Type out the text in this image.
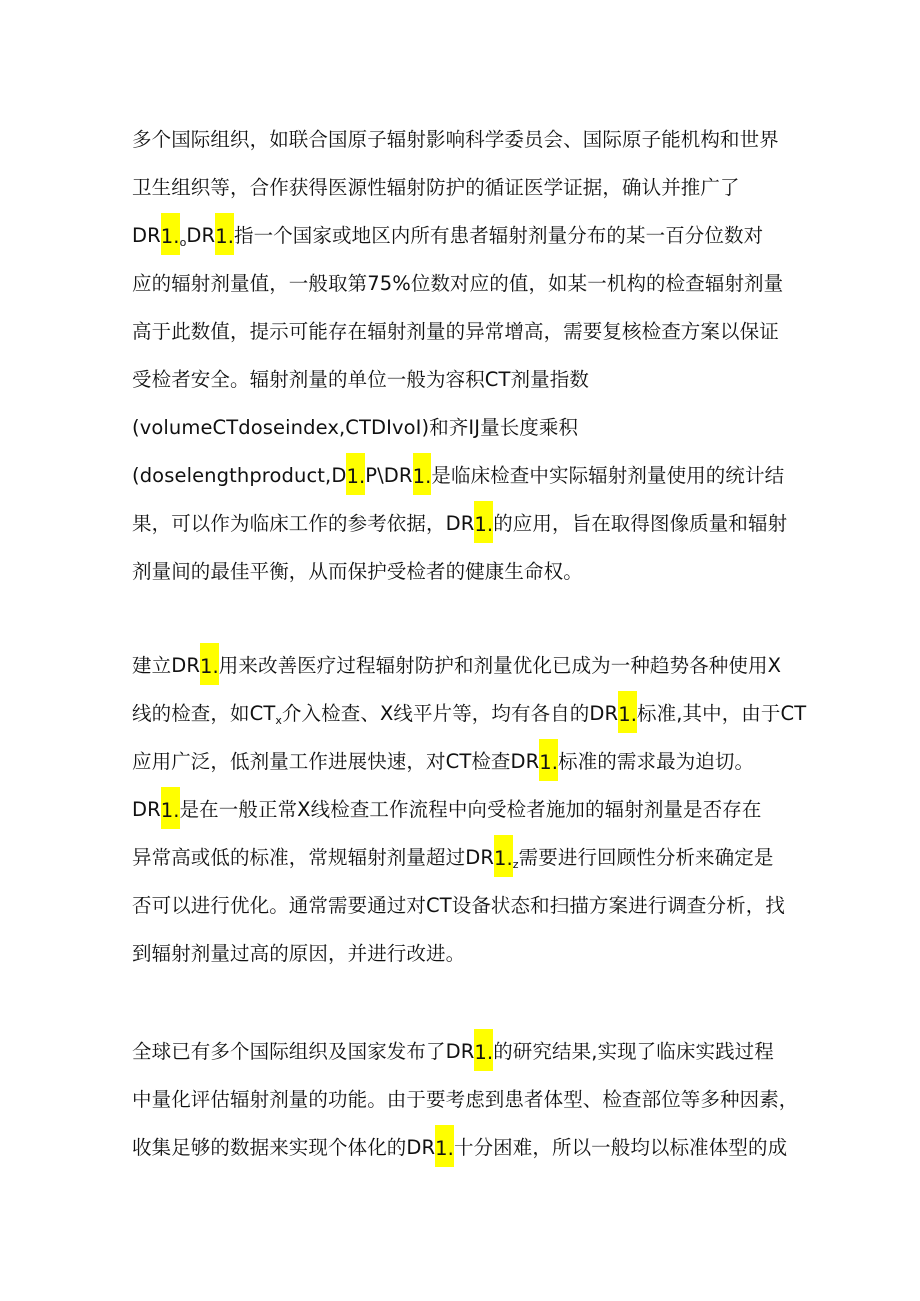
多个国际组织，如联合国原子辐射影响科学委员会、国际原子能机构和世界
卫生组织等，合作获得医源性辐射防护的循证医学证据，确认并推广了
$DR1._oDR1$.指一个国家或地区内所有患者辐射剂量分布的某一百分位数对
应的辐射剂量值，一般取第75%位数对应的值，如某一机构的检查辐射剂量
高于此数值，提示可能存在辐射剂量的异常增高，需要复核检查方案以保证
受检者安全。辐射剂量的单位一般为容积CT剂量指数
(volumeCTdoseindex,CTDIvoI)和齐IJ量长度乘积
(doselengthproduct,D1.P\DR1.是临床检查中实际辐射剂量使用的统计结
果，可以作为临床工作的参考依据，DR1.的应用，旨在取得图像质量和辐射
剂量间的最佳平衡，从而保护受检者的健康生命权。
建立DR1.用来改善医疗过程辐射防护和剂量优化已成为一种趋势各种使用X
线的检查，如$CT_x$介入检查、X线平片等，均有各自的DR1.标准,其中，由于CT
应用广泛，低剂量工作进展快速，对CT检查DR1.标准的需求最为迫切。
DR1.是在一般正常X线检查工作流程中向受检者施加的辐射剂量是否存在
异常高或低的标准，常规辐射剂量超过$DR1._z$需要进行回顾性分析来确定是
否可以进行优化。通常需要通过对CT设备状态和扫描方案进行调查分析，找
到辐射剂量过高的原因，并进行改进。
全球已有多个国际组织及国家发布了DR1.的研究结果,实现了临床实践过程
中量化评估辐射剂量的功能。由于要考虑到患者体型、检查部位等多种因素，
收集足够的数据来实现个体化的DR1.十分困难，所以一般均以标准体型的成
